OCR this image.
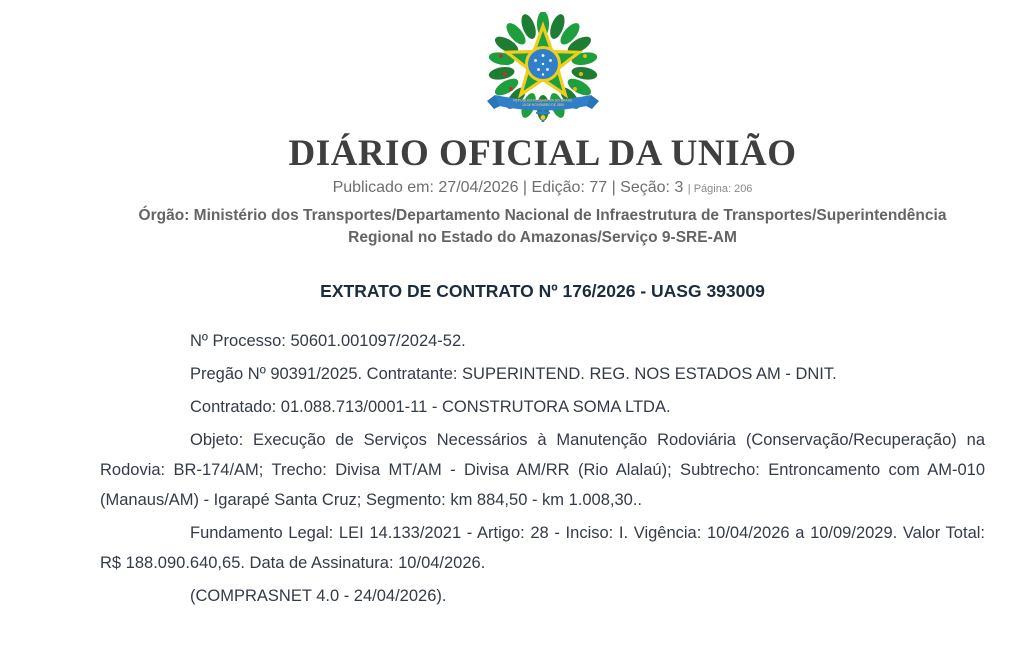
REPÚBLICA FEDERATIVA DO BRASIL
15 DE NOVEMBRO DE 1889
DIÁRIO OFICIAL DA UNIÃO
Publicado em: 27/04/2026 | Edição: 77 | Seção: 3 | Página: 206
Órgão: Ministério dos Transportes/Departamento Nacional de Infraestrutura de Transportes/Superintendência Regional no Estado do Amazonas/Serviço 9-SRE-AM
EXTRATO DE CONTRATO Nº 176/2026 - UASG 393009

Nº Processo: 50601.001097/2024-52.

Pregão Nº 90391/2025. Contratante: SUPERINTEND. REG. NOS ESTADOS AM - DNIT.

Contratado: 01.088.713/0001-11 - CONSTRUTORA SOMA LTDA.

Objeto: Execução de Serviços Necessários à Manutenção Rodoviária (Conservação/Recuperação) na Rodovia: BR-174/AM; Trecho: Divisa MT/AM - Divisa AM/RR (Rio Alalaú); Subtrecho: Entroncamento com AM-010 (Manaus/AM) - Igarapé Santa Cruz; Segmento: km 884,50 - km 1.008,30..

Fundamento Legal: LEI 14.133/2021 - Artigo: 28 - Inciso: I. Vigência: 10/04/2026 a 10/09/2029. Valor Total: R$ 188.090.640,65. Data de Assinatura: 10/04/2026.

(COMPRASNET 4.0 - 24/04/2026).
